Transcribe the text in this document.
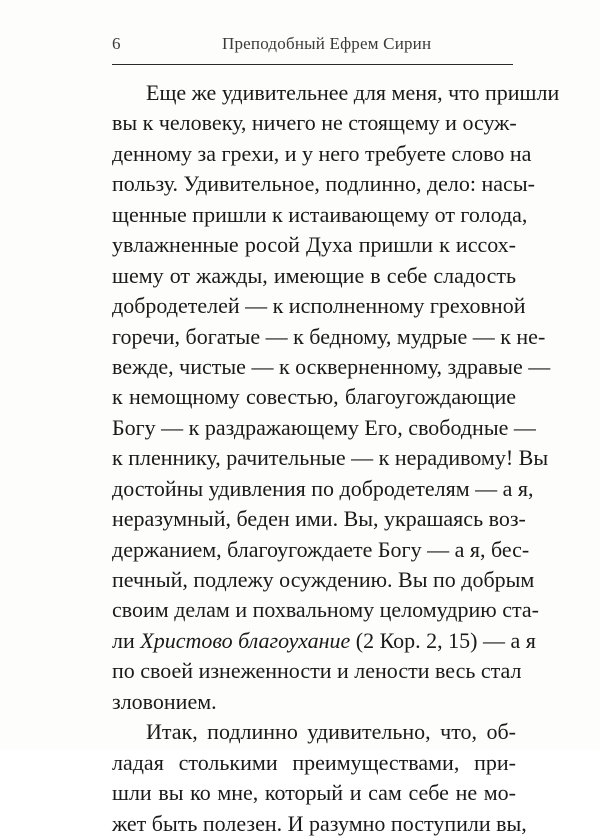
6	Преподобный Ефрем Сирин
Еще же удивительнее для меня, что пришли
вы к человеку, ничего не стоящему и осуж-
денному за грехи, и у него требуете слово на
пользу. Удивительное, подлинно, дело: насы-
щенные пришли к истаивающему от голода,
увлажненные росой Духа пришли к иссох-
шему от жажды, имеющие в себе сладость
добродетелей — к исполненному греховной
горечи, богатые — к бедному, мудрые — к не-
вежде, чистые — к оскверненному, здравые —
к немощному совестью, благоугождающие
Богу — к раздражающему Его, свободные —
к пленнику, рачительные — к нерадивому! Вы
достойны удивления по добродетелям — а я,
неразумный, беден ими. Вы, украшаясь воз-
держанием, благоугождаете Богу — а я, бес-
печный, подлежу осуждению. Вы по добрым
своим делам и похвальному целомудрию ста-
ли Христово благоухание (2 Кор. 2, 15) — а я
по своей изнеженности и лености весь стал
зловонием.
Итак, подлинно удивительно, что, об-
ладая столькими преимуществами, при-
шли вы ко мне, который и сам себе не мо-
жет быть полезен. И разумно поступили вы,
